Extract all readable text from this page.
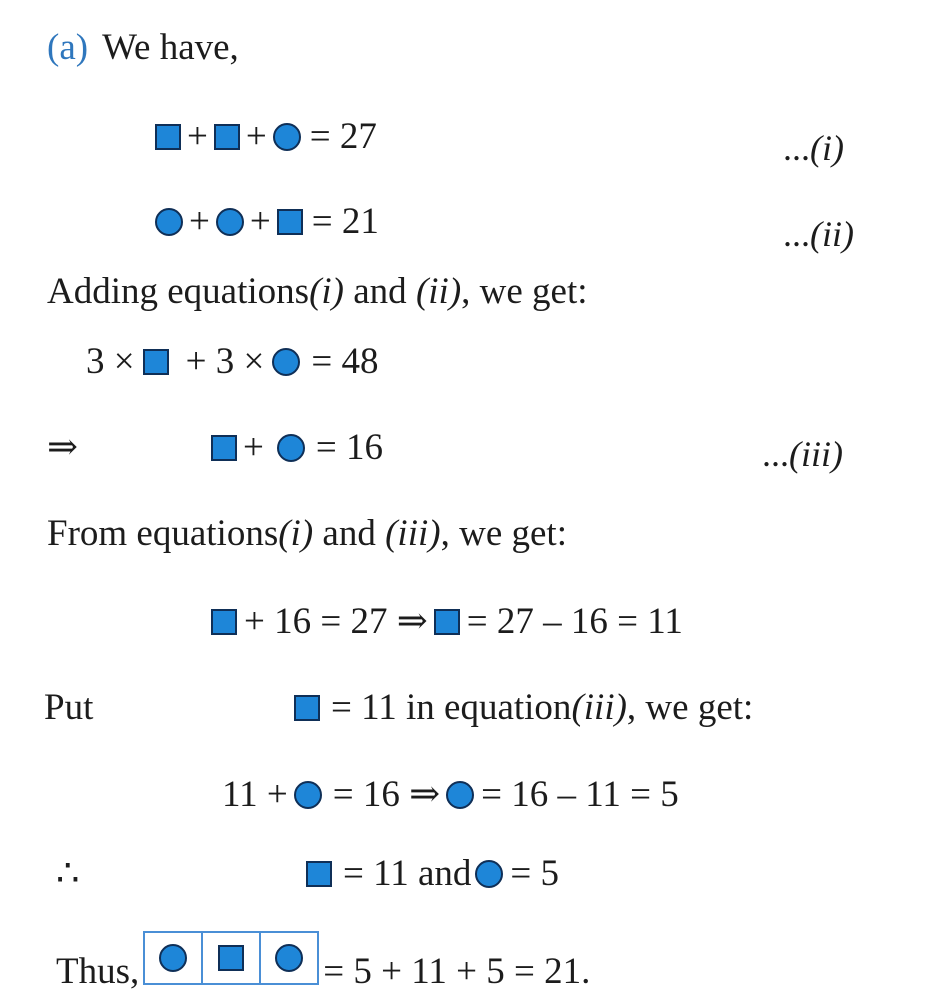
(a) We have,
+ + = 27	... (i)
+ + = 21	... (ii)
Adding equations (i) and (ii) , we get:
3 × + 3 × = 48
⇒	+ = 16	... (iii)
From equations (i) and (iii) , we get:
+ 16 = 27 ⇒ = 27 – 16 = 11
Put	= 11 in equation (iii) , we get:
11 + = 16 ⇒ = 16 – 11 = 5
∴	= 11 and = 5
Thus,	= 5 + 11 + 5 = 21.
